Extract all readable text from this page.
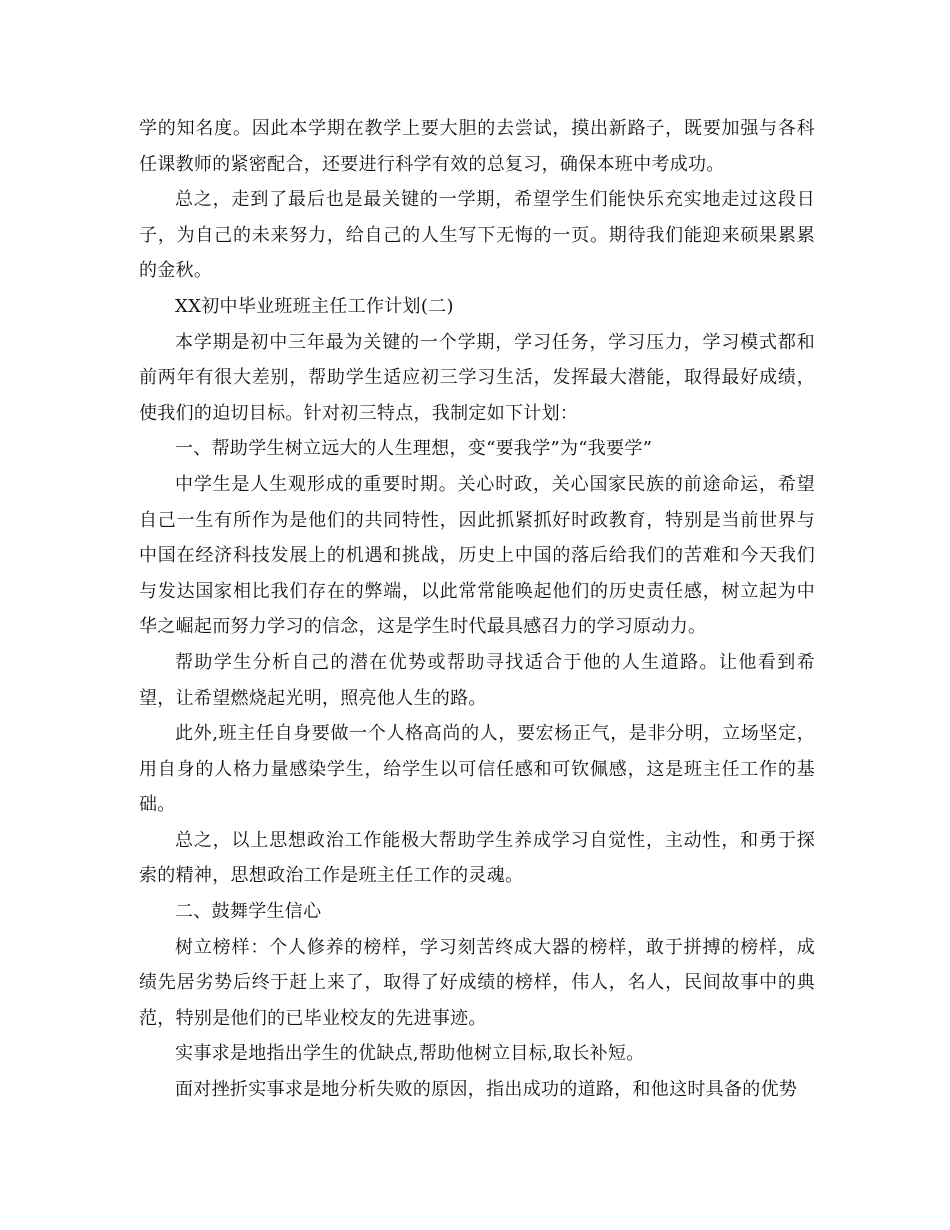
学的知名度。因此本学期在教学上要大胆的去尝试，摸出新路子，既要加强与各科任课教师的紧密配合，还要进行科学有效的总复习，确保本班中考成功。

总之，走到了最后也是最关键的一学期，希望学生们能快乐充实地走过这段日子，为自己的未来努力，给自己的人生写下无悔的一页。期待我们能迎来硕果累累的金秋。

XX初中毕业班班主任工作计划(二)

本学期是初中三年最为关键的一个学期，学习任务，学习压力，学习模式都和前两年有很大差别，帮助学生适应初三学习生活，发挥最大潜能，取得最好成绩，使我们的迫切目标。针对初三特点，我制定如下计划：

一、帮助学生树立远大的人生理想，变“要我学”为“我要学”

中学生是人生观形成的重要时期。关心时政，关心国家民族的前途命运，希望自己一生有所作为是他们的共同特性，因此抓紧抓好时政教育，特别是当前世界与中国在经济科技发展上的机遇和挑战，历史上中国的落后给我们的苦难和今天我们与发达国家相比我们存在的弊端，以此常常能唤起他们的历史责任感，树立起为中华之崛起而努力学习的信念，这是学生时代最具感召力的学习原动力。

帮助学生分析自己的潜在优势或帮助寻找适合于他的人生道路。让他看到希望，让希望燃烧起光明，照亮他人生的路。

此外,班主任自身要做一个人格高尚的人，要宏杨正气，是非分明，立场坚定，用自身的人格力量感染学生，给学生以可信任感和可钦佩感，这是班主任工作的基础。

总之，以上思想政治工作能极大帮助学生养成学习自觉性，主动性，和勇于探索的精神，思想政治工作是班主任工作的灵魂。

二、鼓舞学生信心

树立榜样：个人修养的榜样，学习刻苦终成大器的榜样，敢于拼搏的榜样，成绩先居劣势后终于赶上来了，取得了好成绩的榜样，伟人，名人，民间故事中的典范，特别是他们的已毕业校友的先进事迹。

实事求是地指出学生的优缺点,帮助他树立目标,取长补短。

面对挫折实事求是地分析失败的原因，指出成功的道路，和他这时具备的优势
